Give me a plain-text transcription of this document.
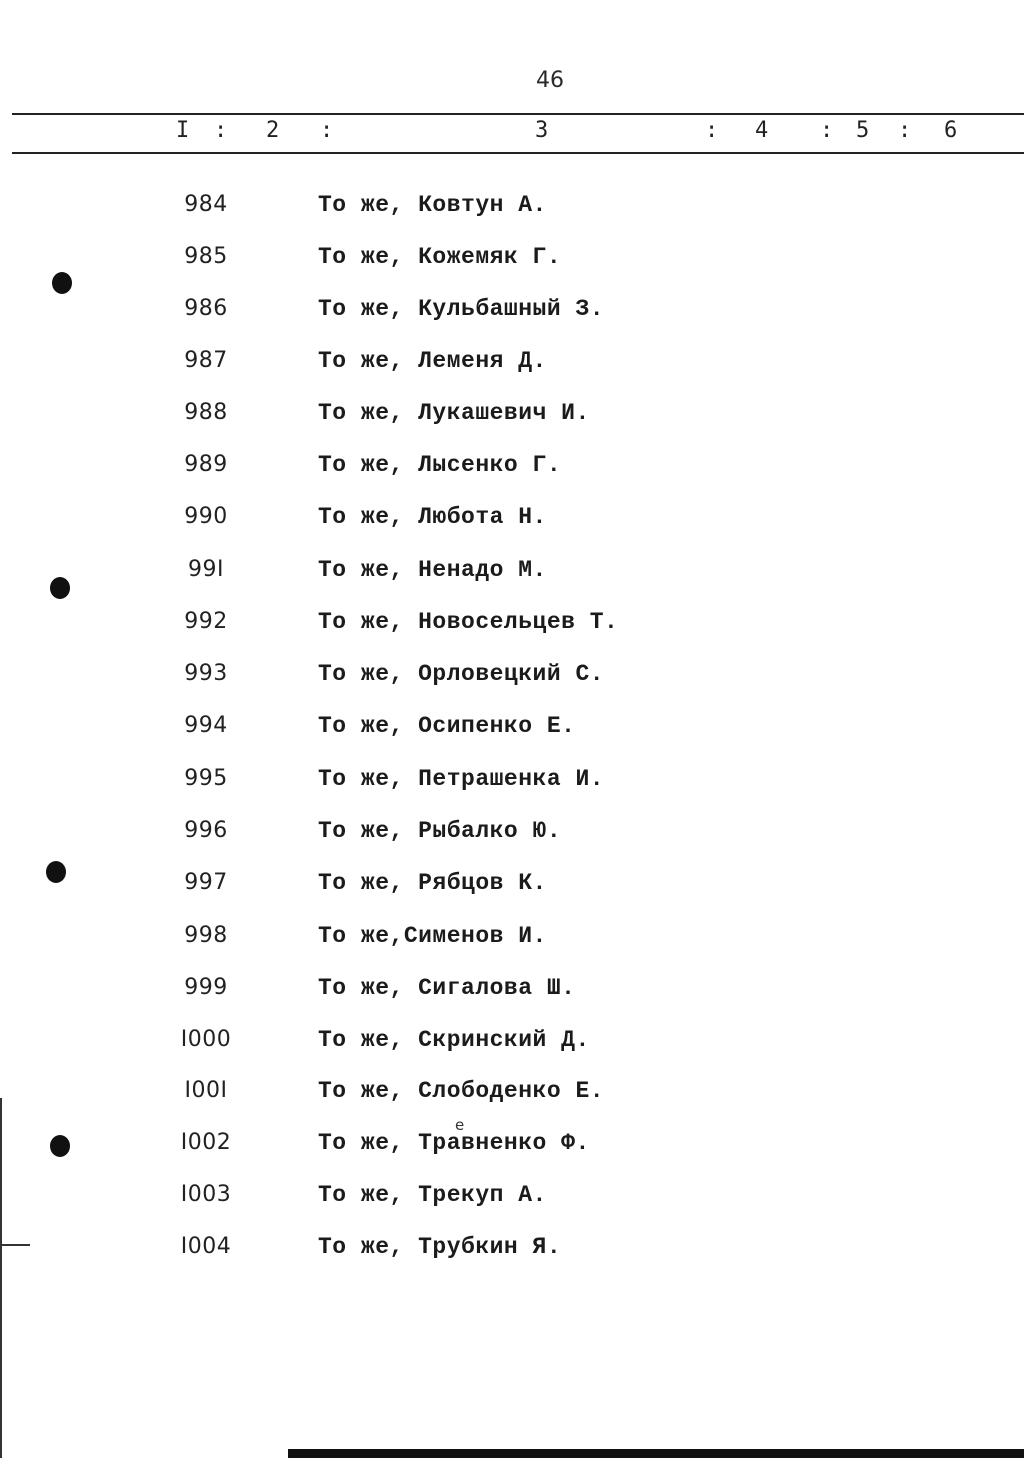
46
I : 2 :	3	: 4 : 5 : 6
984	То же, Ковтун А.
985	То же, Кожемяк Г.
986	То же, Кульбашный З.
987	То же, Леменя Д.
988	То же, Лукашевич И.
989	То же, Лысенко Г.
990	То же, Любота Н.
99I	То же, Ненадо М.
992	То же, Новосельцев Т.
993	То же, Орловецкий С.
994	То же, Осипенко Е.
995	То же, Петрашенка И.
996	То же, Рыбалко Ю.
997	То же, Рябцов К.
998	То же,Сименов И.
999	То же, Сигалова Ш.
I000	То же, Скринский Д.
I00I	То же, Слободенко Е.
I002	То же, Травненко Ф.
I003	То же, Трекуп А.
I004	То же, Трубкин Я.
е
